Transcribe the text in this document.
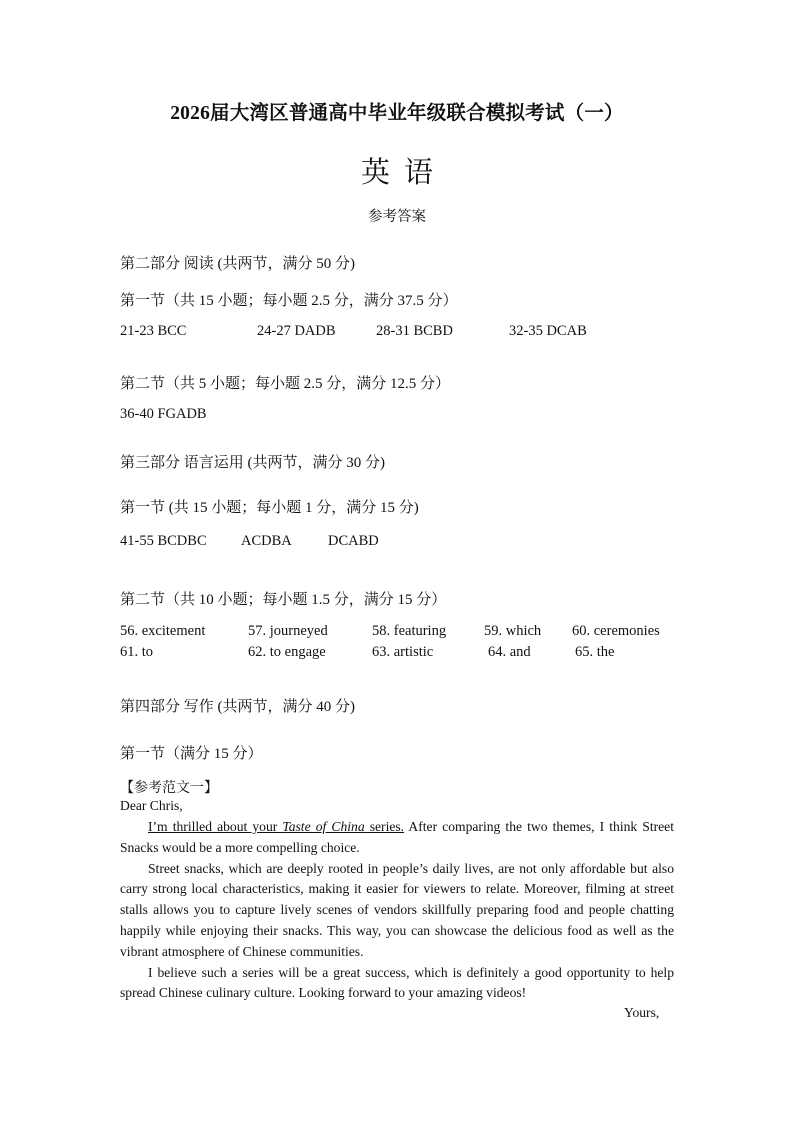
2026届大湾区普通高中毕业年级联合模拟考试（一）
英语
参考答案
第二部分 阅读 (共两节，满分 50 分)
第一节（共 15 小题；每小题 2.5 分，满分 37.5 分）
21-23 BCC	24-27 DADB	28-31 BCBD	32-35 DCAB
第二节（共 5 小题；每小题 2.5 分，满分 12.5 分）
36-40 FGADB
第三部分 语言运用 (共两节，满分 30 分)
第一节 (共 15 小题；每小题 1 分，满分 15 分)
41-55 BCDBC ACDBA DCABD
第二节（共 10 小题；每小题 1.5 分，满分 15 分）
56. excitement	57. journeyed	58. featuring	59. which 60. ceremonies
61. to	62. to engage	63. artistic	64. and	65. the
第四部分 写作 (共两节，满分 40 分)
第一节（满分 15 分）
【参考范文一】
Dear Chris,

I’m thrilled about your Taste of China series. After comparing the two themes, I think Street Snacks would be a more compelling choice.

Street snacks, which are deeply rooted in people’s daily lives, are not only affordable but also carry strong local characteristics, making it easier for viewers to relate. Moreover, filming at street stalls allows you to capture lively scenes of vendors skillfully preparing food and people chatting happily while enjoying their snacks. This way, you can showcase the delicious food as well as the vibrant atmosphere of Chinese communities.

I believe such a series will be a great success, which is definitely a good opportunity to help spread Chinese culinary culture. Looking forward to your amazing videos!

Yours,
